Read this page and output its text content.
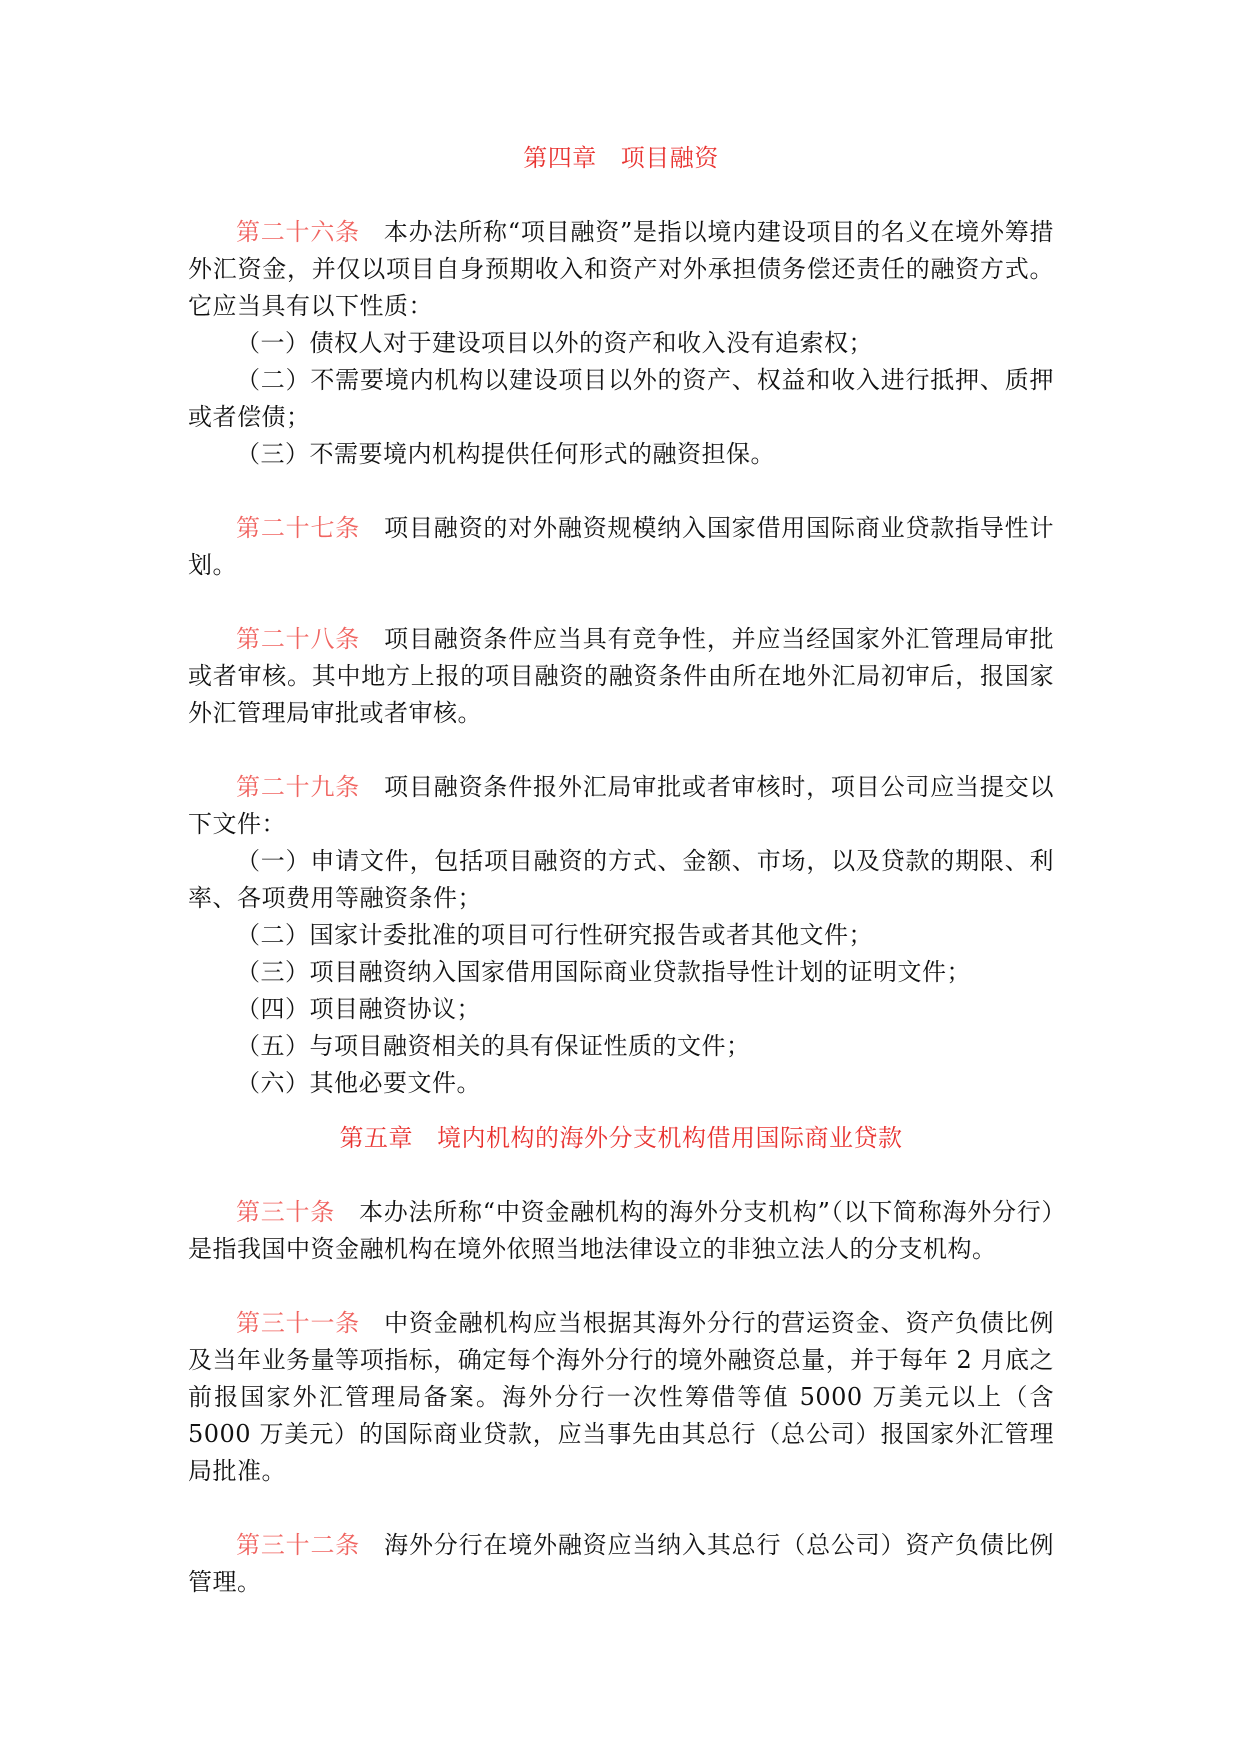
第四章 项目融资

第二十六条 本办法所称“项目融资”是指以境内建设项目的名义在境外筹措外汇资金，并仅以项目自身预期收入和资产对外承担债务偿还责任的融资方式。它应当具有以下性质：

（一）债权人对于建设项目以外的资产和收入没有追索权；

（二）不需要境内机构以建设项目以外的资产、权益和收入进行抵押、质押或者偿债；

（三）不需要境内机构提供任何形式的融资担保。

第二十七条 项目融资的对外融资规模纳入国家借用国际商业贷款指导性计划。

第二十八条 项目融资条件应当具有竞争性，并应当经国家外汇管理局审批或者审核。其中地方上报的项目融资的融资条件由所在地外汇局初审后，报国家外汇管理局审批或者审核。

第二十九条 项目融资条件报外汇局审批或者审核时，项目公司应当提交以下文件：

（一）申请文件，包括项目融资的方式、金额、市场，以及贷款的期限、利率、各项费用等融资条件；

（二）国家计委批准的项目可行性研究报告或者其他文件；

（三）项目融资纳入国家借用国际商业贷款指导性计划的证明文件；

（四）项目融资协议；

（五）与项目融资相关的具有保证性质的文件；

（六）其他必要文件。

第五章 境内机构的海外分支机构借用国际商业贷款

第三十条 本办法所称“中资金融机构的海外分支机构”（以下简称海外分行）是指我国中资金融机构在境外依照当地法律设立的非独立法人的分支机构。

第三十一条 中资金融机构应当根据其海外分行的营运资金、资产负债比例及当年业务量等项指标，确定每个海外分行的境外融资总量，并于每年 2 月底之前报国家外汇管理局备案。海外分行一次性筹借等值 5000 万美元以上（含 5000 万美元）的国际商业贷款，应当事先由其总行（总公司）报国家外汇管理局批准。

第三十二条 海外分行在境外融资应当纳入其总行（总公司）资产负债比例管理。
